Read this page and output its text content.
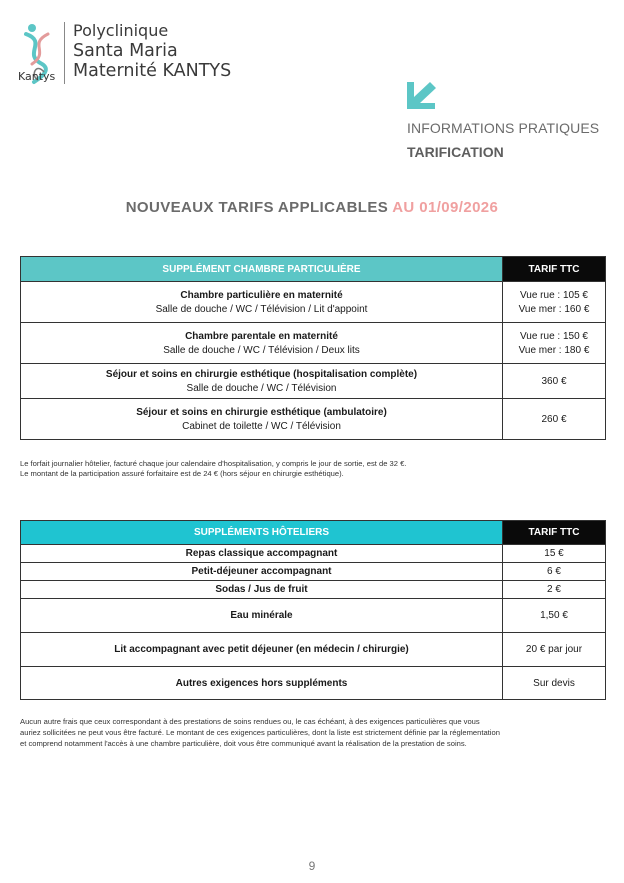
Kantys
Polyclinique
Santa Maria
Maternité KANTYS
INFORMATIONS PRATIQUES
TARIFICATION
NOUVEAUX TARIFS APPLICABLES AU 01/09/2026
SUPPLÉMENT CHAMBRE PARTICULIÈRE	TARIF TTC

Chambre particulière en maternité
Salle de douche / WC / Télévision / Lit d'appoint	Vue rue : 105 €
Vue mer : 160 €

Chambre parentale en maternité
Salle de douche / WC / Télévision / Deux lits	Vue rue : 150 €
Vue mer : 180 €

Séjour et soins en chirurgie esthétique (hospitalisation complète)
Salle de douche / WC / Télévision	360 €

Séjour et soins en chirurgie esthétique (ambulatoire)
Cabinet de toilette / WC / Télévision	260 €
Le forfait journalier hôtelier, facturé chaque jour calendaire d'hospitalisation, y compris le jour de sortie, est de 32 €.
Le montant de la participation assuré forfaitaire est de 24 € (hors séjour en chirurgie esthétique).
SUPPLÉMENTS HÔTELIERS	TARIF TTC
Repas classique accompagnant	15 €
Petit-déjeuner accompagnant	6 €
Sodas / Jus de fruit	2 €
Eau minérale	1,50 €
Lit accompagnant avec petit déjeuner (en médecin / chirurgie)	20 € par jour
Autres exigences hors suppléments	Sur devis
Aucun autre frais que ceux correspondant à des prestations de soins rendues ou, le cas échéant, à des exigences particulières que vous
auriez sollicitées ne peut vous être facturé. Le montant de ces exigences particulières, dont la liste est strictement définie par la réglementation
et comprend notamment l'accès à une chambre particulière, doit vous être communiqué avant la réalisation de la prestation de soins.
9
